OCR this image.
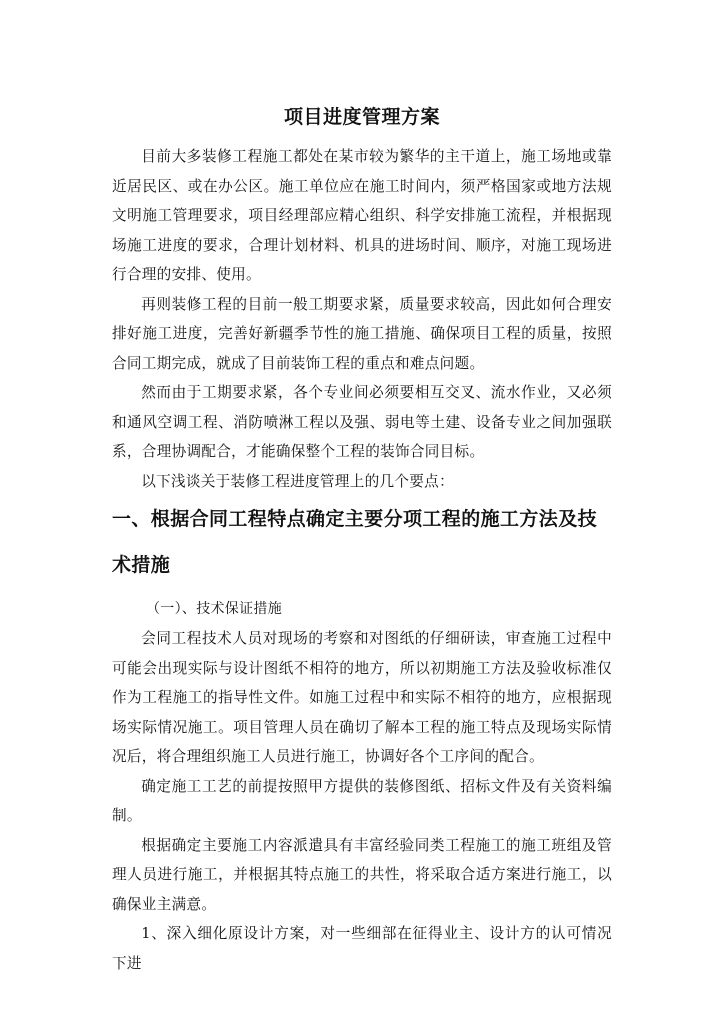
项目进度管理方案

目前大多装修工程施工都处在某市较为繁华的主干道上，施工场地或靠近居民区、或在办公区。施工单位应在施工时间内，须严格国家或地方法规文明施工管理要求，项目经理部应精心组织、科学安排施工流程，并根据现场施工进度的要求，合理计划材料、机具的进场时间、顺序，对施工现场进行合理的安排、使用。

再则装修工程的目前一般工期要求紧，质量要求较高，因此如何合理安排好施工进度，完善好新疆季节性的施工措施、确保项目工程的质量，按照合同工期完成，就成了目前装饰工程的重点和难点问题。

然而由于工期要求紧，各个专业间必须要相互交叉、流水作业，又必须和通风空调工程、消防喷淋工程以及强、弱电等土建、设备专业之间加强联系，合理协调配合，才能确保整个工程的装饰合同目标。

以下浅谈关于装修工程进度管理上的几个要点：

一、根据合同工程特点确定主要分项工程的施工方法及技术措施
（一）、技术保证措施

会同工程技术人员对现场的考察和对图纸的仔细研读，审查施工过程中可能会出现实际与设计图纸不相符的地方，所以初期施工方法及验收标准仅作为工程施工的指导性文件。如施工过程中和实际不相符的地方，应根据现场实际情况施工。项目管理人员在确切了解本工程的施工特点及现场实际情况后，将合理组织施工人员进行施工，协调好各个工序间的配合。

确定施工工艺的前提按照甲方提供的装修图纸、招标文件及有关资料编制。

根据确定主要施工内容派遣具有丰富经验同类工程施工的施工班组及管理人员进行施工，并根据其特点施工的共性，将采取合适方案进行施工，以确保业主满意。

1、深入细化原设计方案，对一些细部在征得业主、设计方的认可情况下进
